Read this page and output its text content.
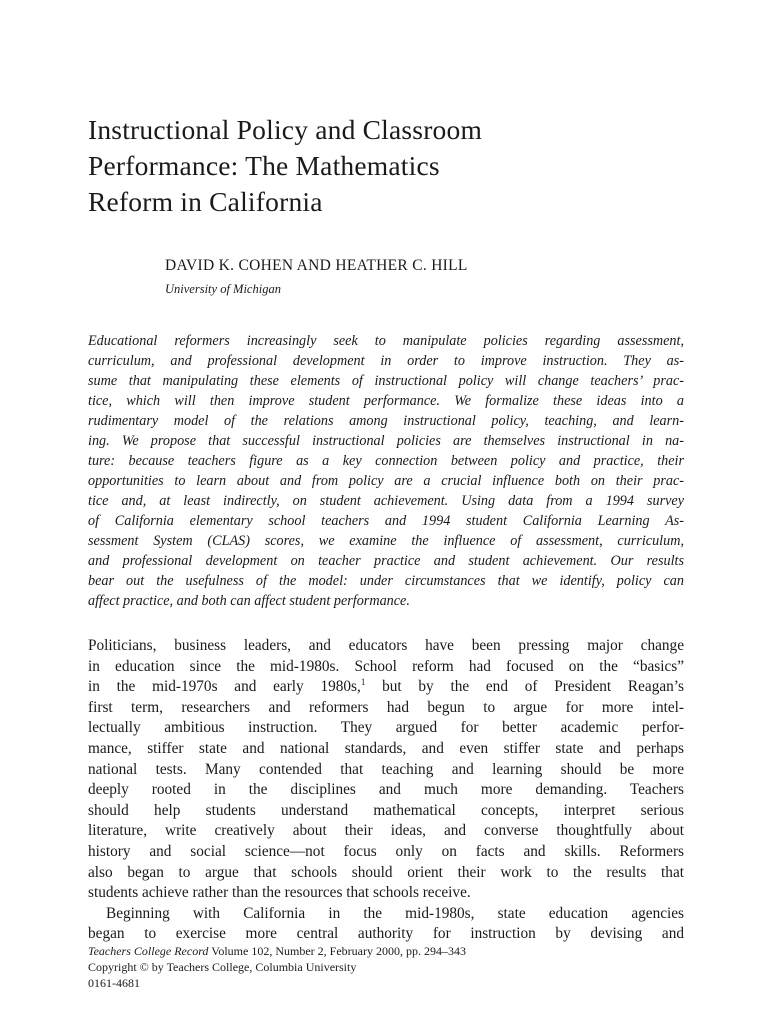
Instructional Policy and Classroom
Performance: The Mathematics
Reform in California
DAVID K. COHEN AND HEATHER C. HILL
University of Michigan
Educational reformers increasingly seek to manipulate policies regarding assessment,
curriculum, and professional development in order to improve instruction. They as-
sume that manipulating these elements of instructional policy will change teachers’ prac-
tice, which will then improve student performance. We formalize these ideas into a
rudimentary model of the relations among instructional policy, teaching, and learn-
ing. We propose that successful instructional policies are themselves instructional in na-
ture: because teachers figure as a key connection between policy and practice, their
opportunities to learn about and from policy are a crucial influence both on their prac-
tice and, at least indirectly, on student achievement. Using data from a 1994 survey
of California elementary school teachers and 1994 student California Learning As-
sessment System (CLAS) scores, we examine the influence of assessment, curriculum,
and professional development on teacher practice and student achievement. Our results
bear out the usefulness of the model: under circumstances that we identify, policy can
affect practice, and both can affect student performance.
Politicians, business leaders, and educators have been pressing major change
in education since the mid-1980s. School reform had focused on the “basics”
in the mid-1970s and early 1980s,$^1$ but by the end of President Reagan’s
first term, researchers and reformers had begun to argue for more intel-
lectually ambitious instruction. They argued for better academic perfor-
mance, stiffer state and national standards, and even stiffer state and perhaps
national tests. Many contended that teaching and learning should be more
deeply rooted in the disciplines and much more demanding. Teachers
should help students understand mathematical concepts, interpret serious
literature, write creatively about their ideas, and converse thoughtfully about
history and social science—not focus only on facts and skills. Reformers
also began to argue that schools should orient their work to the results that
students achieve rather than the resources that schools receive.
Beginning with California in the mid-1980s, state education agencies
began to exercise more central authority for instruction by devising and
Teachers College Record Volume 102, Number 2, February 2000, pp. 294–343
Copyright © by Teachers College, Columbia University
0161-4681
